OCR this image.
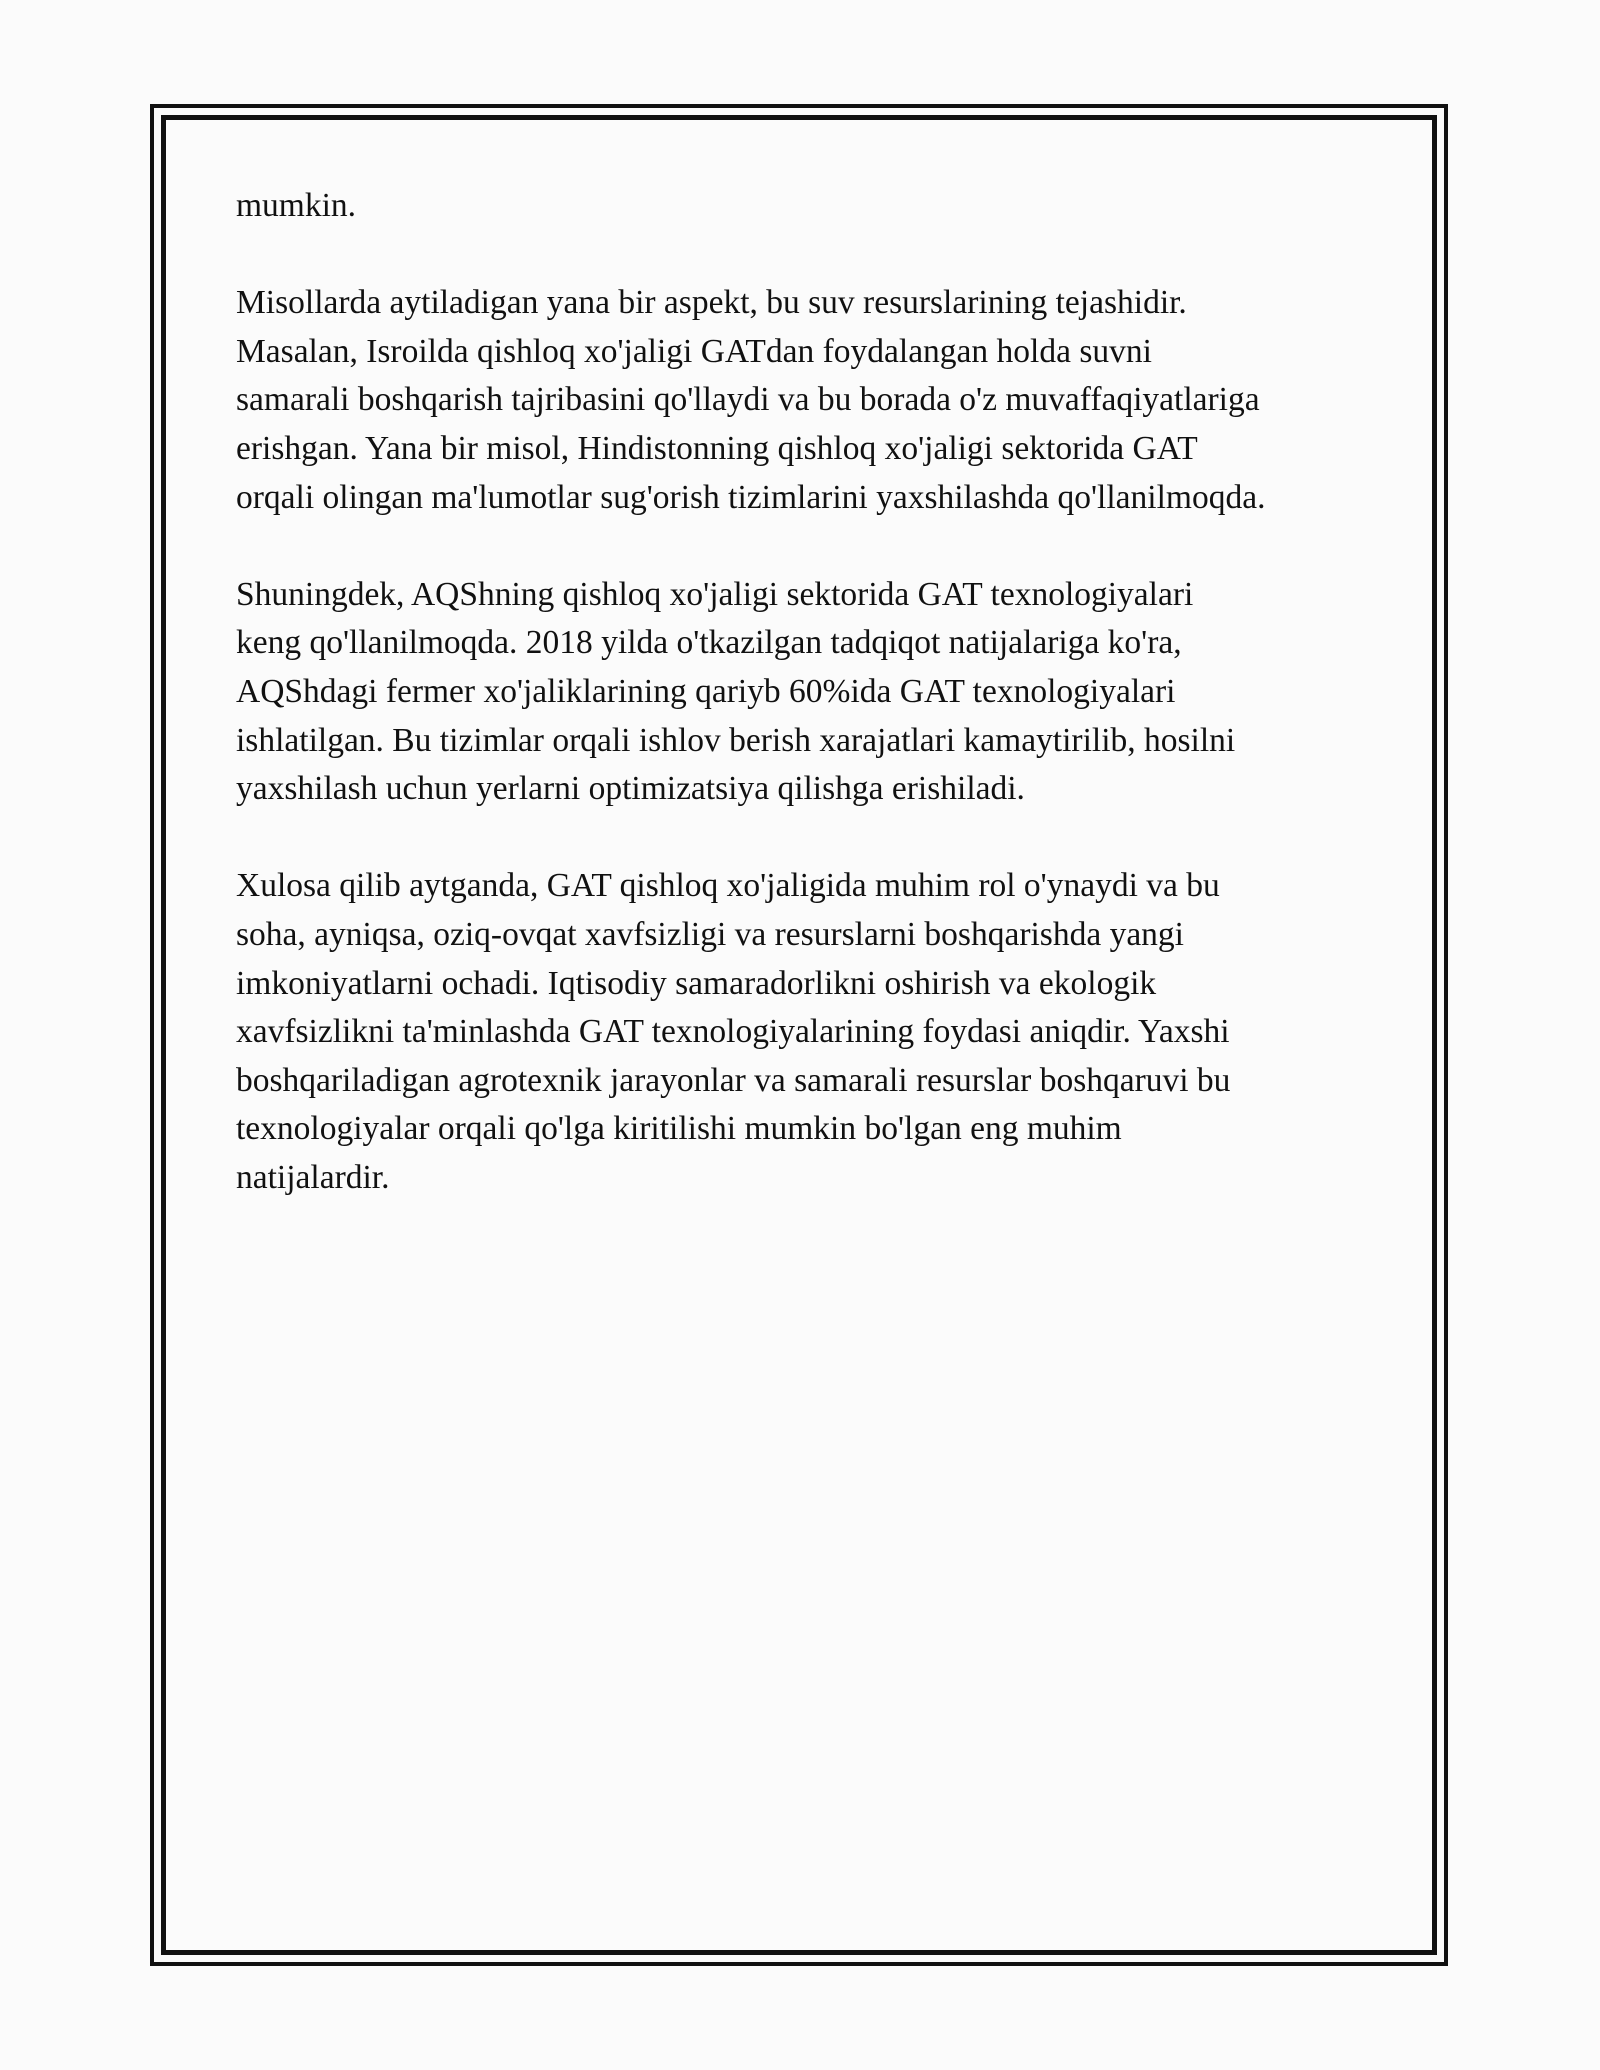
mumkin.

Misollarda aytiladigan yana bir aspekt, bu suv resurslarining tejashidir.
Masalan, Isroilda qishloq xo'jaligi GATdan foydalangan holda suvni
samarali boshqarish tajribasini qo'llaydi va bu borada o'z muvaffaqiyatlariga
erishgan. Yana bir misol, Hindistonning qishloq xo'jaligi sektorida GAT
orqali olingan ma'lumotlar sug'orish tizimlarini yaxshilashda qo'llanilmoqda.

Shuningdek, AQShning qishloq xo'jaligi sektorida GAT texnologiyalari
keng qo'llanilmoqda. 2018 yilda o'tkazilgan tadqiqot natijalariga ko'ra,
AQShdagi fermer xo'jaliklarining qariyb 60%ida GAT texnologiyalari
ishlatilgan. Bu tizimlar orqali ishlov berish xarajatlari kamaytirilib, hosilni
yaxshilash uchun yerlarni optimizatsiya qilishga erishiladi.

Xulosa qilib aytganda, GAT qishloq xo'jaligida muhim rol o'ynaydi va bu
soha, ayniqsa, oziq-ovqat xavfsizligi va resurslarni boshqarishda yangi
imkoniyatlarni ochadi. Iqtisodiy samaradorlikni oshirish va ekologik
xavfsizlikni ta'minlashda GAT texnologiyalarining foydasi aniqdir. Yaxshi
boshqariladigan agrotexnik jarayonlar va samarali resurslar boshqaruvi bu
texnologiyalar orqali qo'lga kiritilishi mumkin bo'lgan eng muhim
natijalardir.
